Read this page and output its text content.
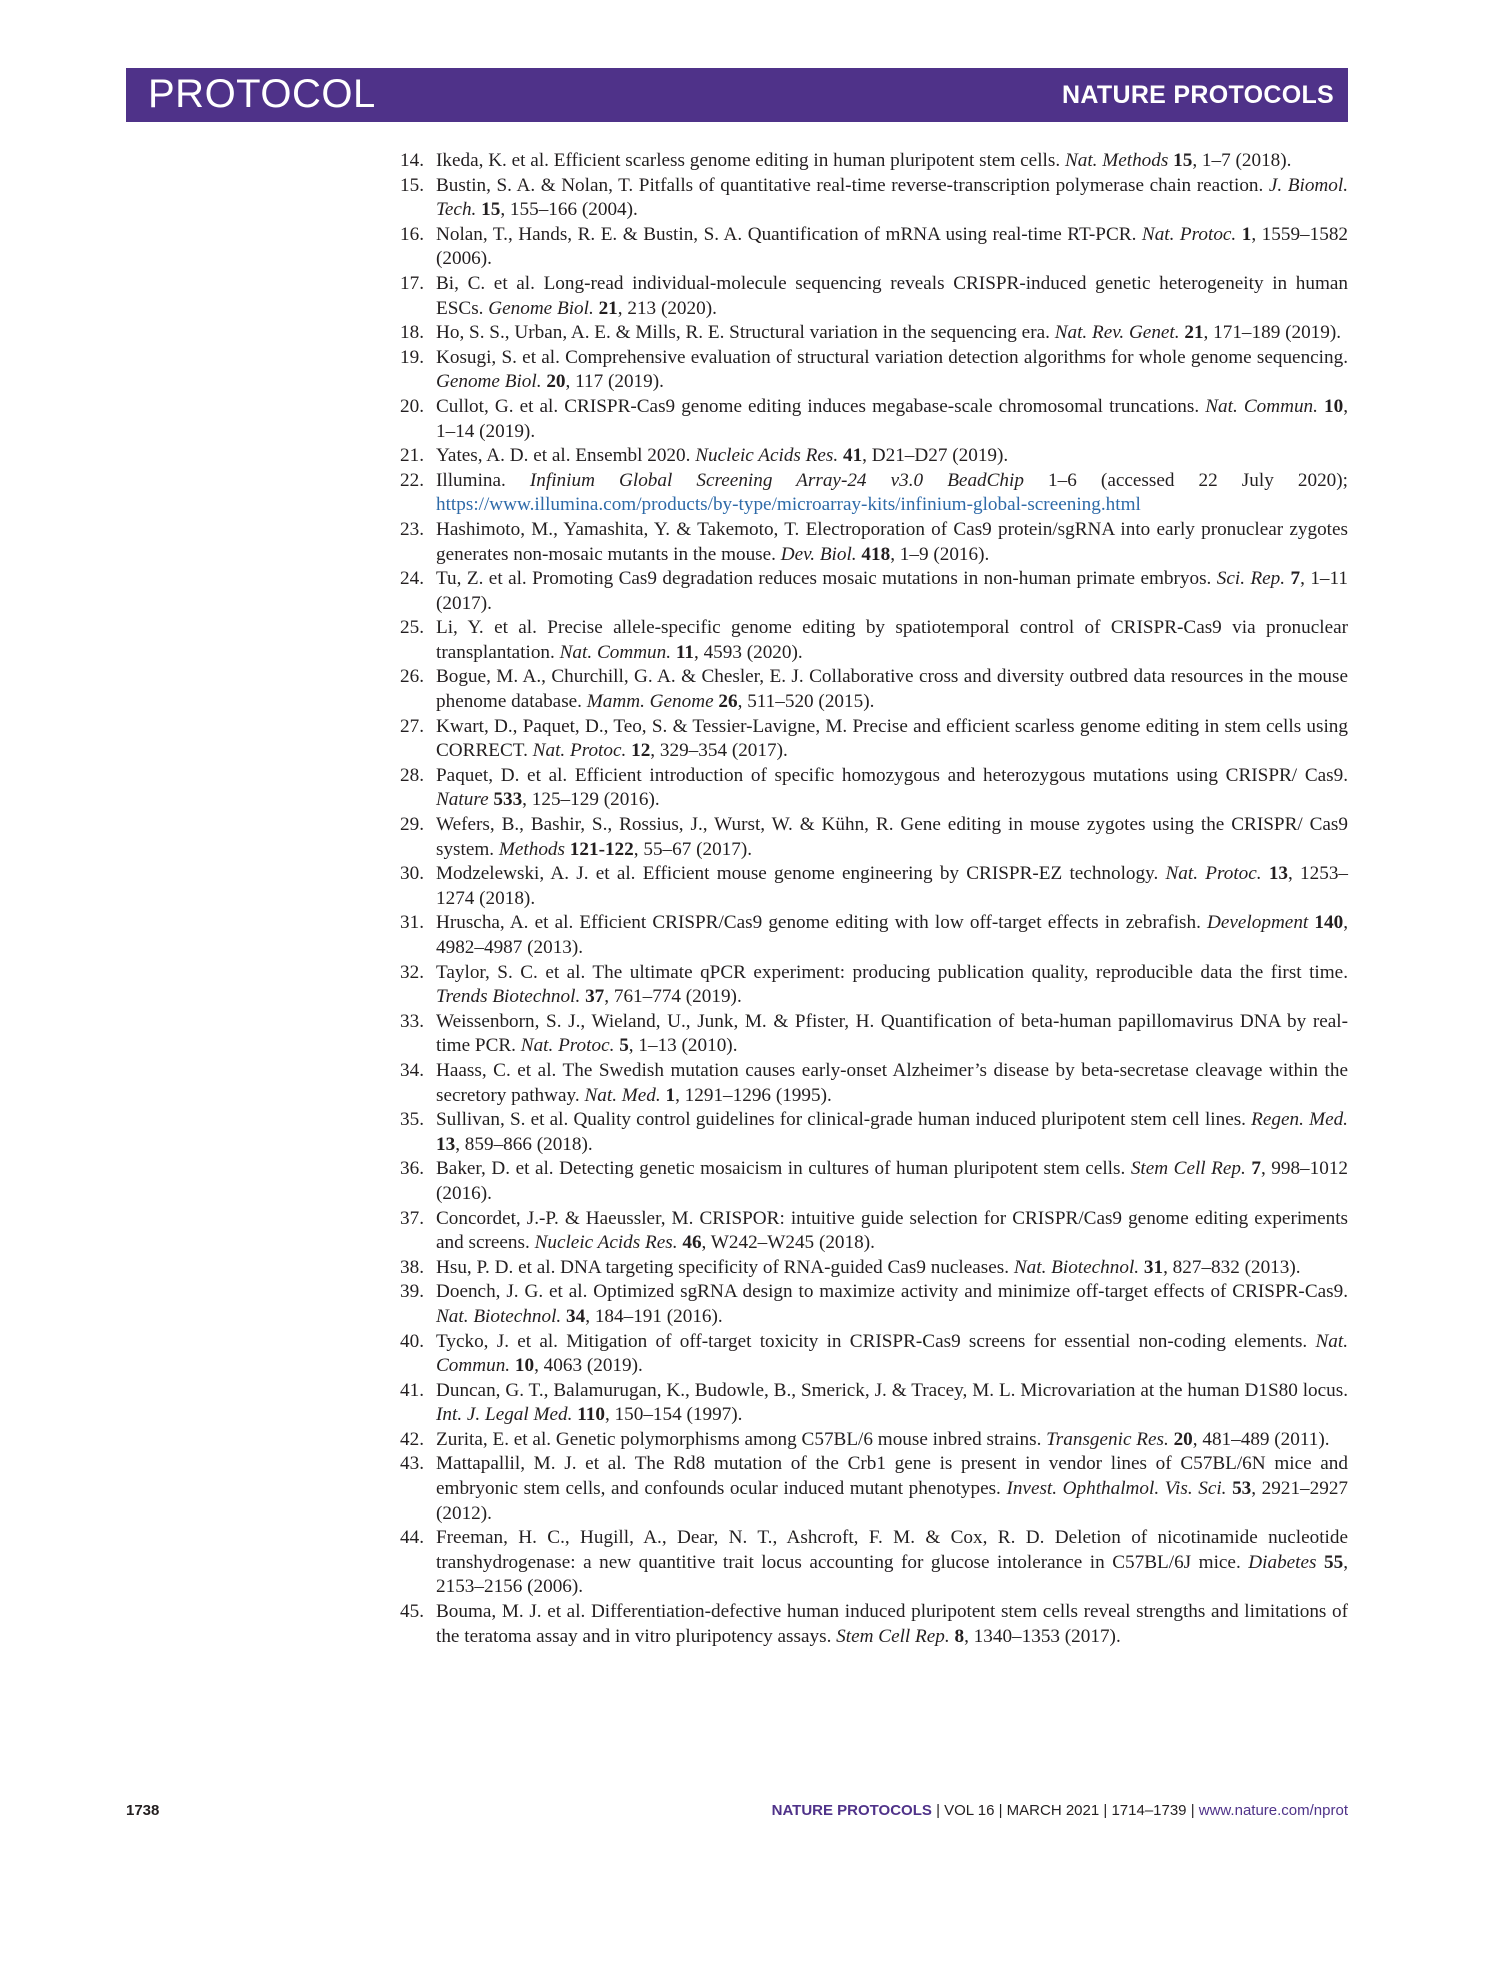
PROTOCOL	NATURE PROTOCOLS
14. Ikeda, K. et al. Efficient scarless genome editing in human pluripotent stem cells. Nat. Methods 15, 1–7 (2018).
15. Bustin, S. A. & Nolan, T. Pitfalls of quantitative real-time reverse-transcription polymerase chain reaction. J. Biomol. Tech. 15, 155–166 (2004).
16. Nolan, T., Hands, R. E. & Bustin, S. A. Quantification of mRNA using real-time RT-PCR. Nat. Protoc. 1, 1559–1582 (2006).
17. Bi, C. et al. Long-read individual-molecule sequencing reveals CRISPR-induced genetic heterogeneity in human ESCs. Genome Biol. 21, 213 (2020).
18. Ho, S. S., Urban, A. E. & Mills, R. E. Structural variation in the sequencing era. Nat. Rev. Genet. 21, 171–189 (2019).
19. Kosugi, S. et al. Comprehensive evaluation of structural variation detection algorithms for whole genome sequencing. Genome Biol. 20, 117 (2019).
20. Cullot, G. et al. CRISPR-Cas9 genome editing induces megabase-scale chromosomal truncations. Nat. Commun. 10, 1–14 (2019).
21. Yates, A. D. et al. Ensembl 2020. Nucleic Acids Res. 41, D21–D27 (2019).
22. Illumina. Infinium Global Screening Array-24 v3.0 BeadChip 1–6 (accessed 22 July 2020); https://www.illumina.com/products/by-type/microarray-kits/infinium-global-screening.html
23. Hashimoto, M., Yamashita, Y. & Takemoto, T. Electroporation of Cas9 protein/sgRNA into early pronuclear zygotes generates non-mosaic mutants in the mouse. Dev. Biol. 418, 1–9 (2016).
24. Tu, Z. et al. Promoting Cas9 degradation reduces mosaic mutations in non-human primate embryos. Sci. Rep. 7, 1–11 (2017).
25. Li, Y. et al. Precise allele-specific genome editing by spatiotemporal control of CRISPR-Cas9 via pronuclear transplantation. Nat. Commun. 11, 4593 (2020).
26. Bogue, M. A., Churchill, G. A. & Chesler, E. J. Collaborative cross and diversity outbred data resources in the mouse phenome database. Mamm. Genome 26, 511–520 (2015).
27. Kwart, D., Paquet, D., Teo, S. & Tessier-Lavigne, M. Precise and efficient scarless genome editing in stem cells using CORRECT. Nat. Protoc. 12, 329–354 (2017).
28. Paquet, D. et al. Efficient introduction of specific homozygous and heterozygous mutations using CRISPR/ Cas9. Nature 533, 125–129 (2016).
29. Wefers, B., Bashir, S., Rossius, J., Wurst, W. & Kühn, R. Gene editing in mouse zygotes using the CRISPR/ Cas9 system. Methods 121-122, 55–67 (2017).
30. Modzelewski, A. J. et al. Efficient mouse genome engineering by CRISPR-EZ technology. Nat. Protoc. 13, 1253–1274 (2018).
31. Hruscha, A. et al. Efficient CRISPR/Cas9 genome editing with low off-target effects in zebrafish. Development 140, 4982–4987 (2013).
32. Taylor, S. C. et al. The ultimate qPCR experiment: producing publication quality, reproducible data the first time. Trends Biotechnol. 37, 761–774 (2019).
33. Weissenborn, S. J., Wieland, U., Junk, M. & Pfister, H. Quantification of beta-human papillomavirus DNA by real-time PCR. Nat. Protoc. 5, 1–13 (2010).
34. Haass, C. et al. The Swedish mutation causes early-onset Alzheimer’s disease by beta-secretase cleavage within the secretory pathway. Nat. Med. 1, 1291–1296 (1995).
35. Sullivan, S. et al. Quality control guidelines for clinical-grade human induced pluripotent stem cell lines. Regen. Med. 13, 859–866 (2018).
36. Baker, D. et al. Detecting genetic mosaicism in cultures of human pluripotent stem cells. Stem Cell Rep. 7, 998–1012 (2016).
37. Concordet, J.-P. & Haeussler, M. CRISPOR: intuitive guide selection for CRISPR/Cas9 genome editing experiments and screens. Nucleic Acids Res. 46, W242–W245 (2018).
38. Hsu, P. D. et al. DNA targeting specificity of RNA-guided Cas9 nucleases. Nat. Biotechnol. 31, 827–832 (2013).
39. Doench, J. G. et al. Optimized sgRNA design to maximize activity and minimize off-target effects of CRISPR-Cas9. Nat. Biotechnol. 34, 184–191 (2016).
40. Tycko, J. et al. Mitigation of off-target toxicity in CRISPR-Cas9 screens for essential non-coding elements. Nat. Commun. 10, 4063 (2019).
41. Duncan, G. T., Balamurugan, K., Budowle, B., Smerick, J. & Tracey, M. L. Microvariation at the human D1S80 locus. Int. J. Legal Med. 110, 150–154 (1997).
42. Zurita, E. et al. Genetic polymorphisms among C57BL/6 mouse inbred strains. Transgenic Res. 20, 481–489 (2011).
43. Mattapallil, M. J. et al. The Rd8 mutation of the Crb1 gene is present in vendor lines of C57BL/6N mice and embryonic stem cells, and confounds ocular induced mutant phenotypes. Invest. Ophthalmol. Vis. Sci. 53, 2921–2927 (2012).
44. Freeman, H. C., Hugill, A., Dear, N. T., Ashcroft, F. M. & Cox, R. D. Deletion of nicotinamide nucleotide transhydrogenase: a new quantitive trait locus accounting for glucose intolerance in C57BL/6J mice. Diabetes 55, 2153–2156 (2006).
45. Bouma, M. J. et al. Differentiation-defective human induced pluripotent stem cells reveal strengths and limitations of the teratoma assay and in vitro pluripotency assays. Stem Cell Rep. 8, 1340–1353 (2017).
1738	NATURE PROTOCOLS | VOL 16 | MARCH 2021 | 1714–1739 | www.nature.com/nprot
